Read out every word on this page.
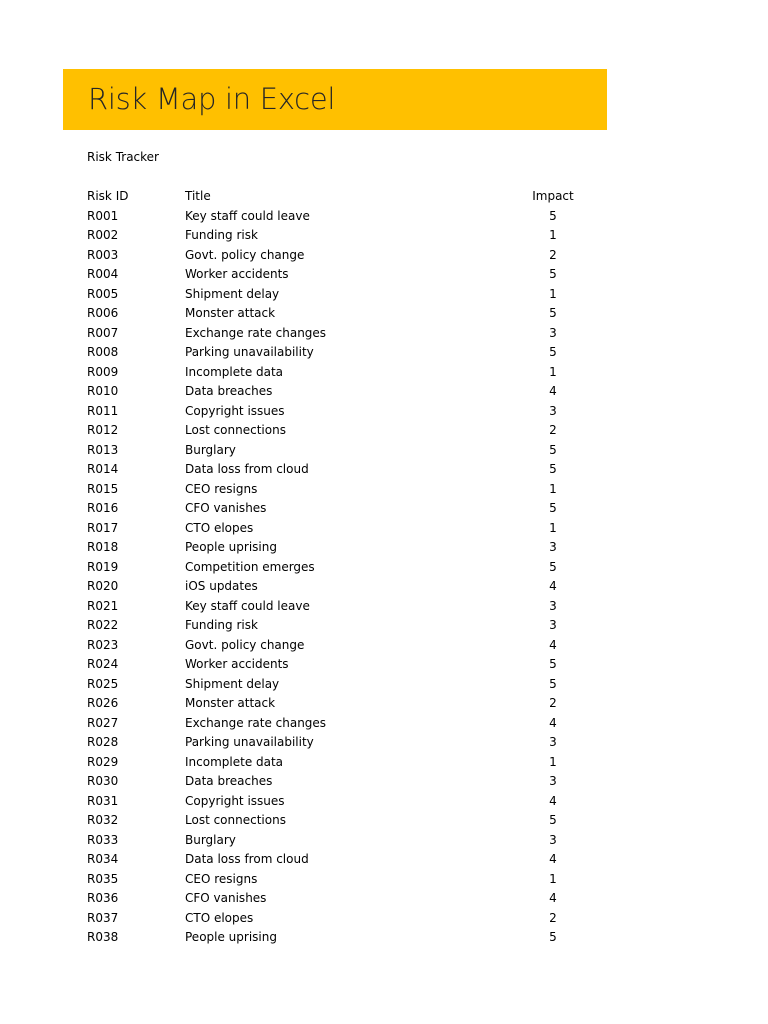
Risk Map in Excel
Risk Tracker
Risk ID	Title	Impact
R001	Key staff could leave	5
R002	Funding risk	1
R003	Govt. policy change	2
R004	Worker accidents	5
R005	Shipment delay	1
R006	Monster attack	5
R007	Exchange rate changes	3
R008	Parking unavailability	5
R009	Incomplete data	1
R010	Data breaches	4
R011	Copyright issues	3
R012	Lost connections	2
R013	Burglary	5
R014	Data loss from cloud	5
R015	CEO resigns	1
R016	CFO vanishes	5
R017	CTO elopes	1
R018	People uprising	3
R019	Competition emerges	5
R020	iOS updates	4
R021	Key staff could leave	3
R022	Funding risk	3
R023	Govt. policy change	4
R024	Worker accidents	5
R025	Shipment delay	5
R026	Monster attack	2
R027	Exchange rate changes	4
R028	Parking unavailability	3
R029	Incomplete data	1
R030	Data breaches	3
R031	Copyright issues	4
R032	Lost connections	5
R033	Burglary	3
R034	Data loss from cloud	4
R035	CEO resigns	1
R036	CFO vanishes	4
R037	CTO elopes	2
R038	People uprising	5
